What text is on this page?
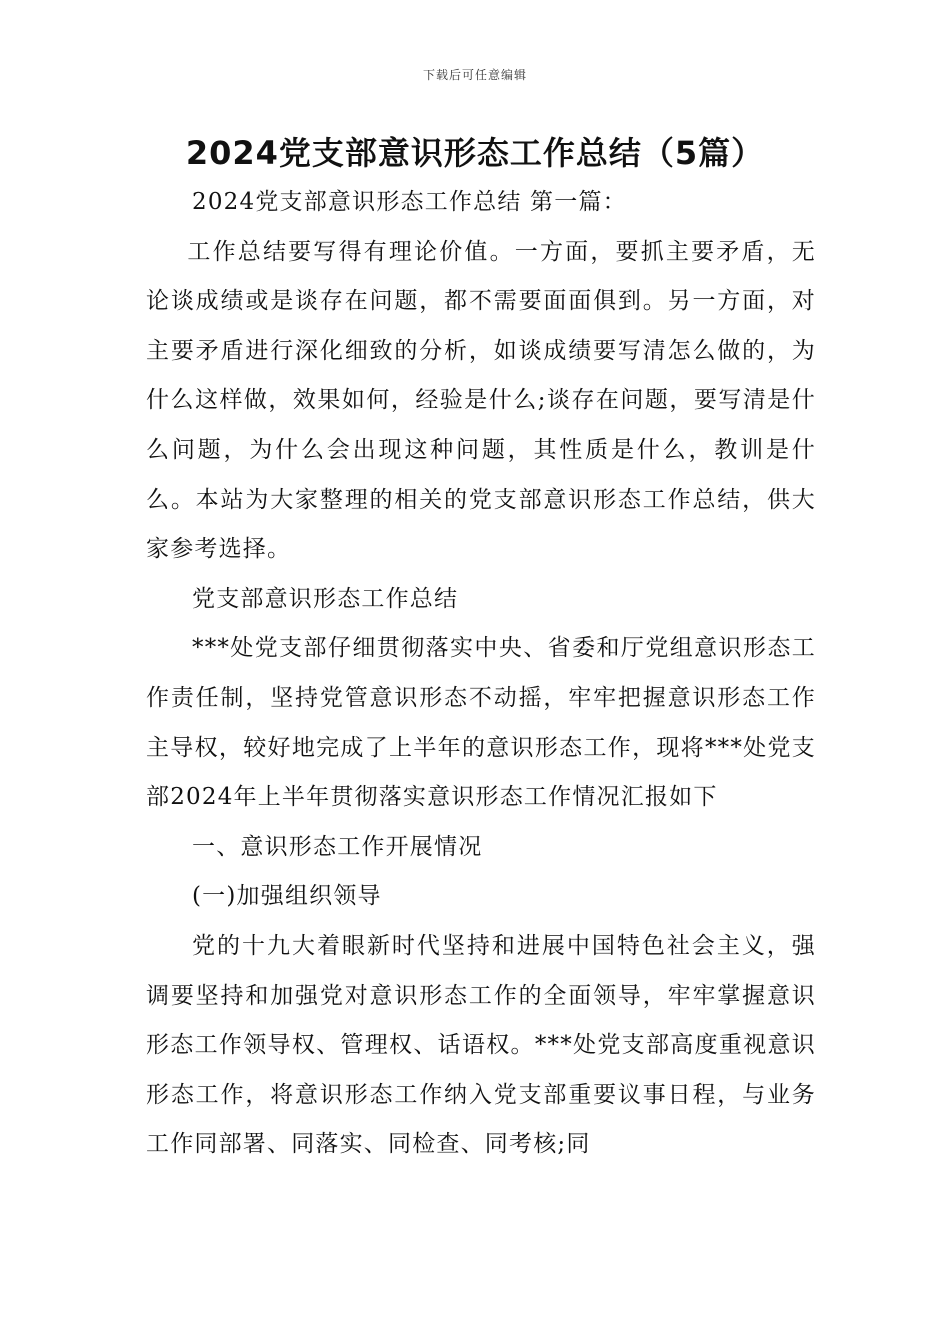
下载后可任意编辑
2024党支部意识形态工作总结（5篇）

2024党支部意识形态工作总结 第一篇：

工作总结要写得有理论价值。一方面，要抓主要矛盾，无论谈成绩或是谈存在问题，都不需要面面俱到。另一方面，对主要矛盾进行深化细致的分析，如谈成绩要写清怎么做的，为什么这样做，效果如何，经验是什么;谈存在问题，要写清是什么问题，为什么会出现这种问题，其性质是什么，教训是什么。本站为大家整理的相关的党支部意识形态工作总结，供大家参考选择。

党支部意识形态工作总结

***处党支部仔细贯彻落实中央、省委和厅党组意识形态工作责任制，坚持党管意识形态不动摇，牢牢把握意识形态工作主导权，较好地完成了上半年的意识形态工作，现将***处党支部2024年上半年贯彻落实意识形态工作情况汇报如下

一、意识形态工作开展情况

(一)加强组织领导

党的十九大着眼新时代坚持和进展中国特色社会主义，强调要坚持和加强党对意识形态工作的全面领导，牢牢掌握意识形态工作领导权、管理权、话语权。***处党支部高度重视意识形态工作，将意识形态工作纳入党支部重要议事日程，与业务工作同部署、同落实、同检查、同考核;同
